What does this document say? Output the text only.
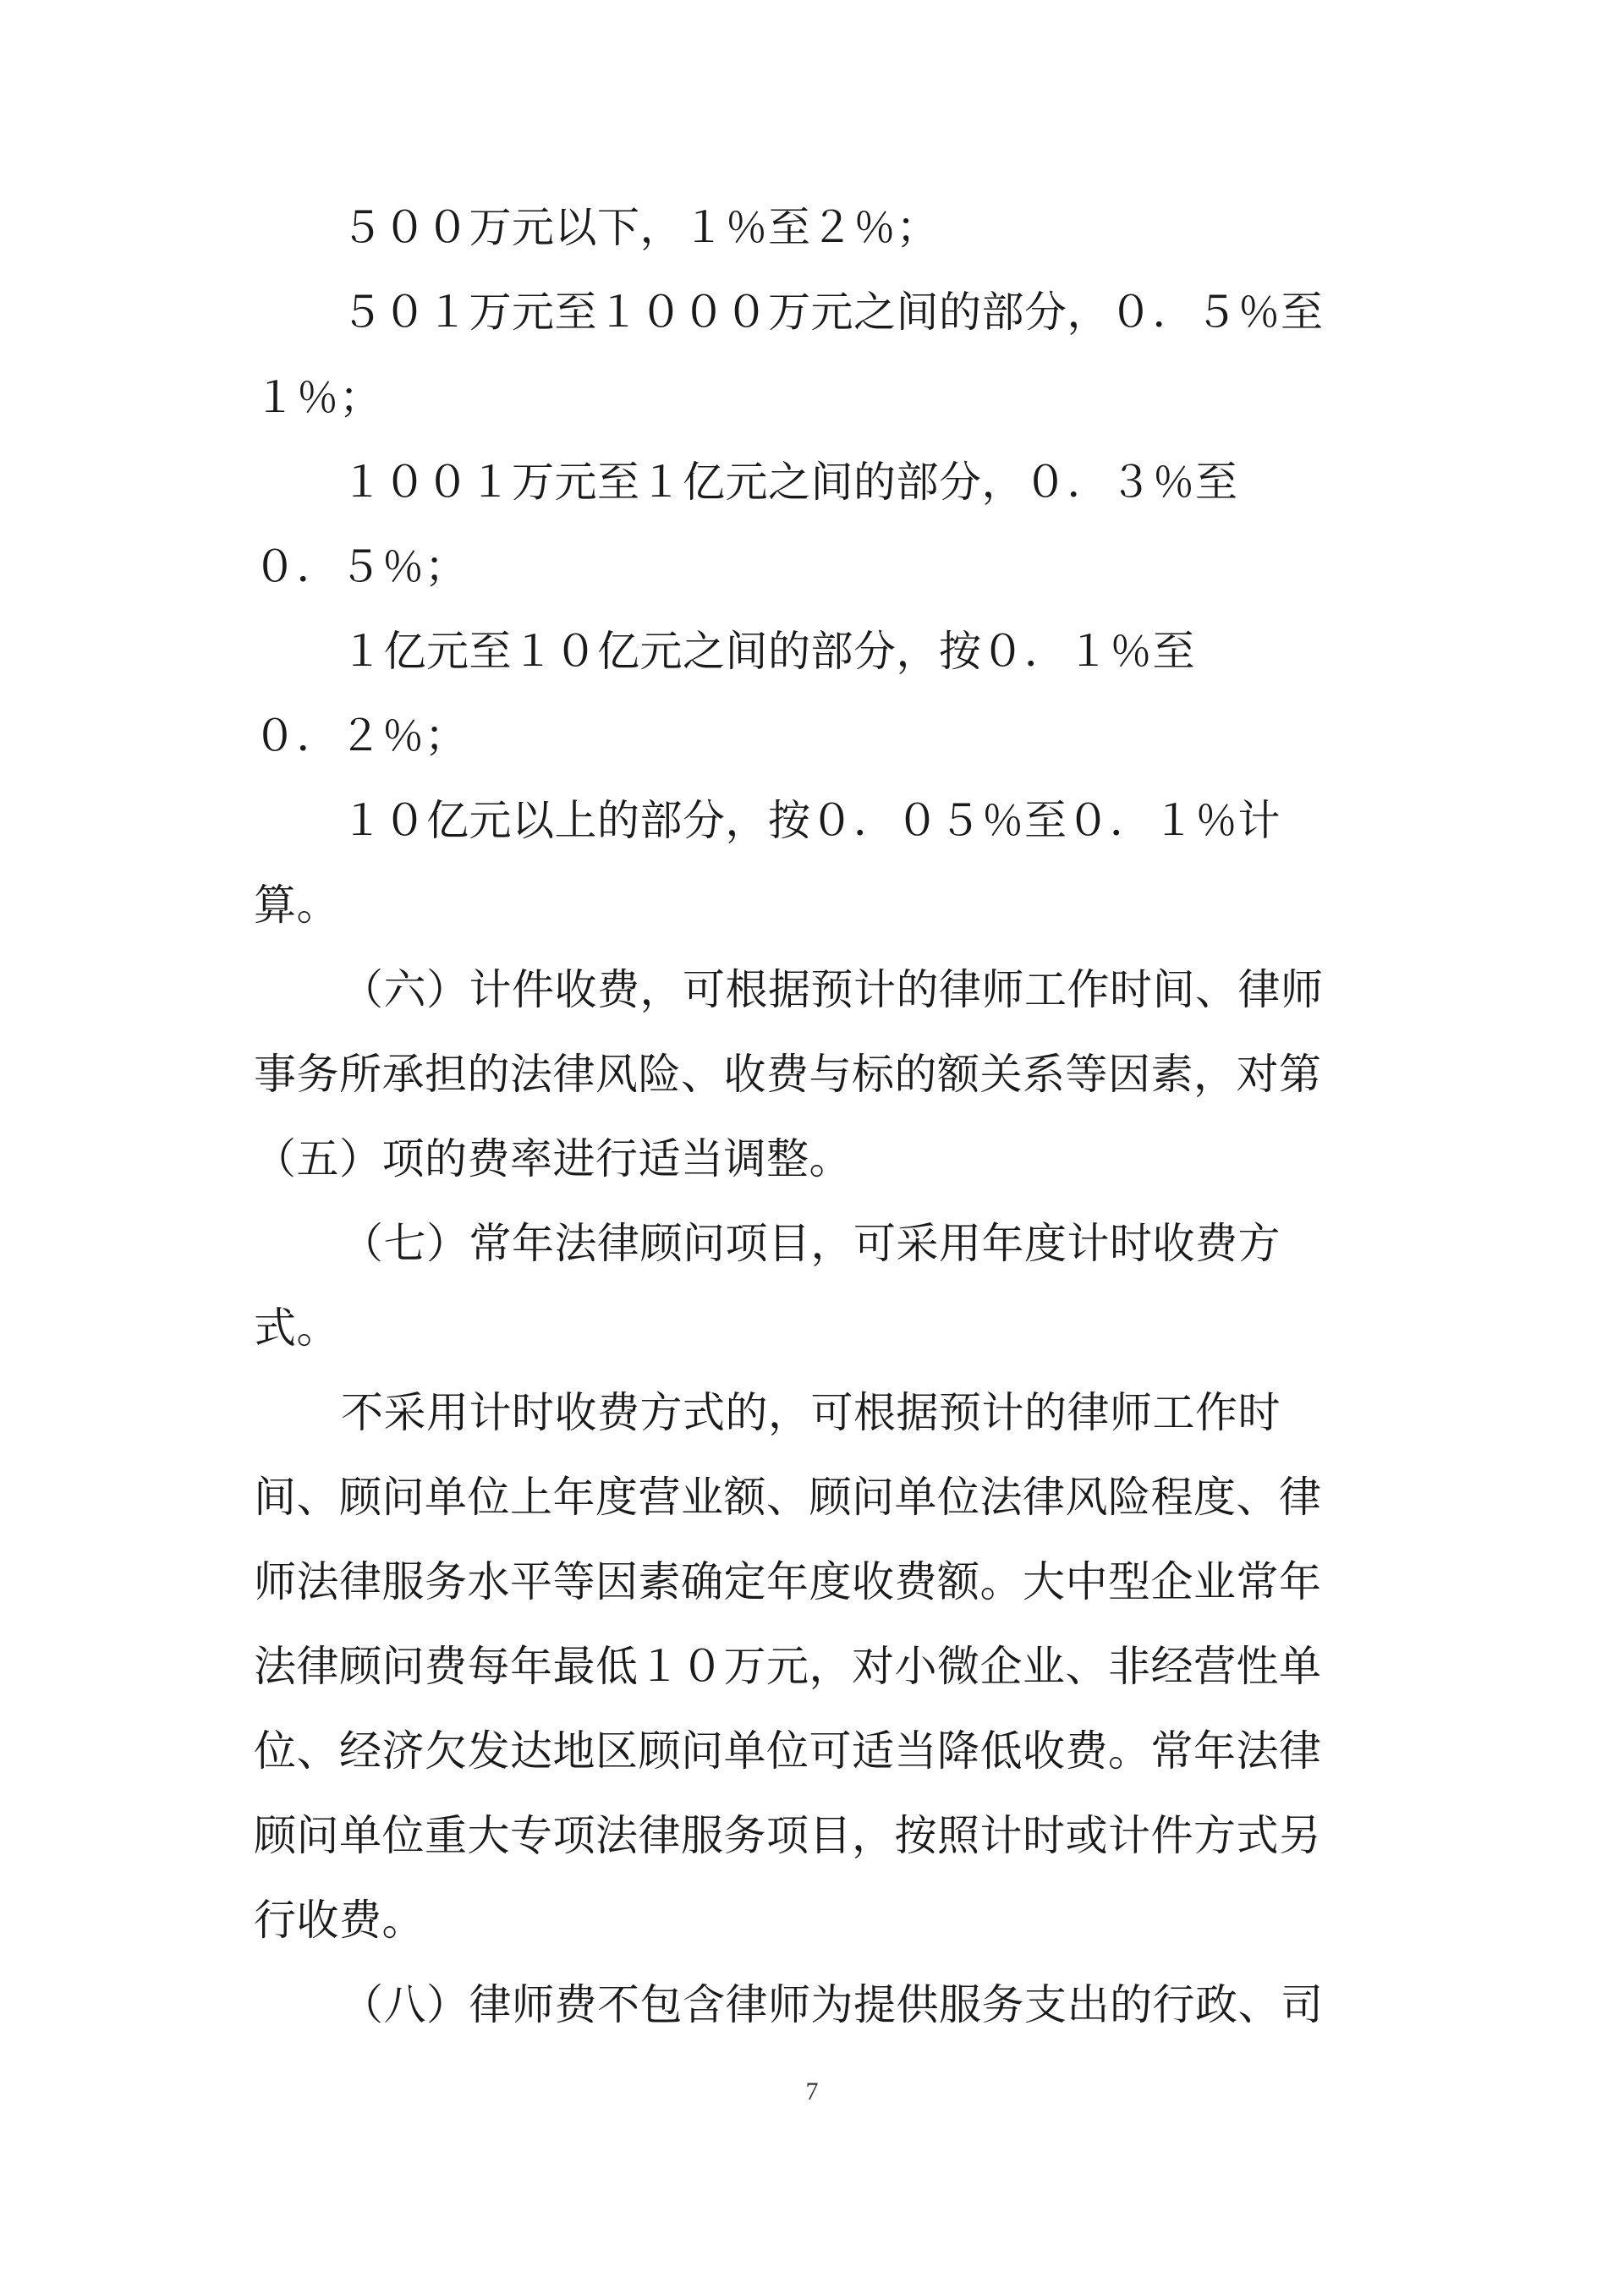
５００万元以下，１％至２％；
５０１万元至１０００万元之间的部分，０．５％至
１％；
１００１万元至１亿元之间的部分，０．３％至
０．５％；
１亿元至１０亿元之间的部分，按０．１％至
０．２％；
１０亿元以上的部分，按０．０５％至０．１％计
算。
（六）计件收费，可根据预计的律师工作时间、律师
事务所承担的法律风险、收费与标的额关系等因素，对第
（五）项的费率进行适当调整。
（七）常年法律顾问项目，可采用年度计时收费方
式。
不采用计时收费方式的，可根据预计的律师工作时
间、顾问单位上年度营业额、顾问单位法律风险程度、律
师法律服务水平等因素确定年度收费额。大中型企业常年
法律顾问费每年最低１０万元，对小微企业、非经营性单
位、经济欠发达地区顾问单位可适当降低收费。常年法律
顾问单位重大专项法律服务项目，按照计时或计件方式另
行收费。
（八）律师费不包含律师为提供服务支出的行政、司
7
